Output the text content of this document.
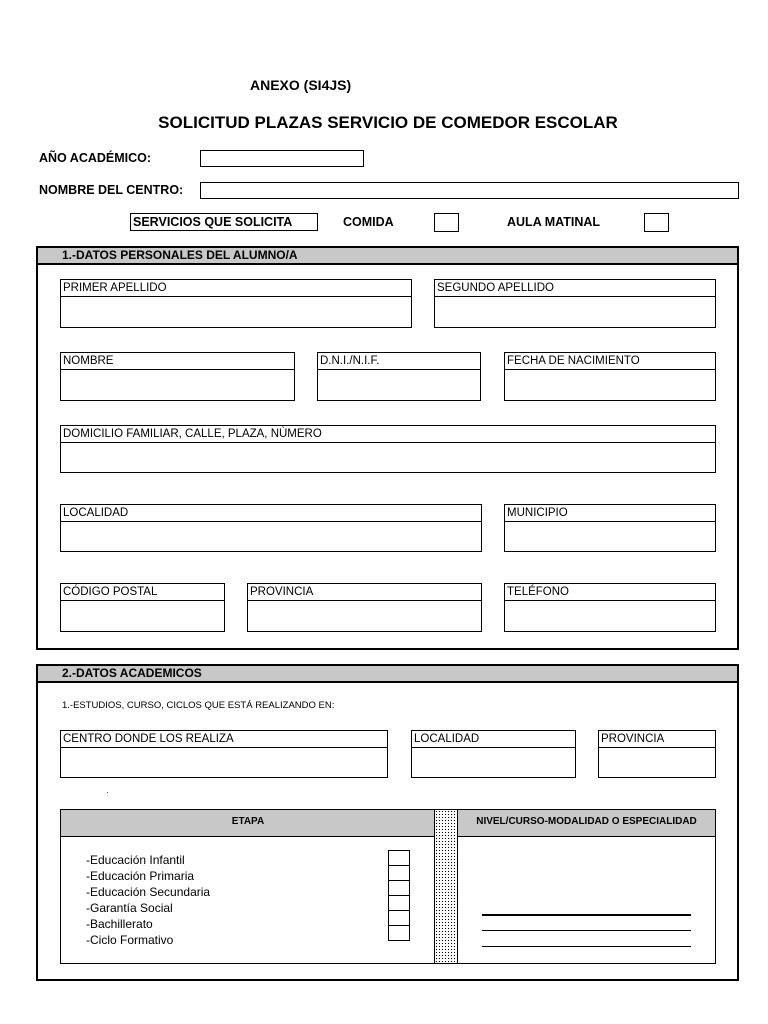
ANEXO (SI4JS)
SOLICITUD PLAZAS SERVICIO DE COMEDOR ESCOLAR
AÑO ACADÉMICO:
NOMBRE DEL CENTRO:
SERVICIOS QUE SOLICITA	COMIDA	AULA MATINAL
1.-DATOS PERSONALES DEL ALUMNO/A
PRIMER APELLIDO	SEGUNDO APELLIDO
NOMBRE	D.N.I./N.I.F.	FECHA DE NACIMIENTO
DOMICILIO FAMILIAR, CALLE, PLAZA, NÙMERO
LOCALIDAD	MUNICIPIO
CÓDIGO POSTAL	PROVINCIA	TELÉFONO
2.-DATOS ACADEMICOS
1.-ESTUDIOS, CURSO, CICLOS QUE ESTÁ REALIZANDO EN:
CENTRO DONDE LOS REALIZA	LOCALIDAD	PROVINCIA
ETAPA	NIVEL/CURSO-MODALIDAD O ESPECIALIDAD
-Educación Infantil
-Educación Primaria
-Educación Secundaria
-Garantía Social
-Bachillerato
-Ciclo Formativo
